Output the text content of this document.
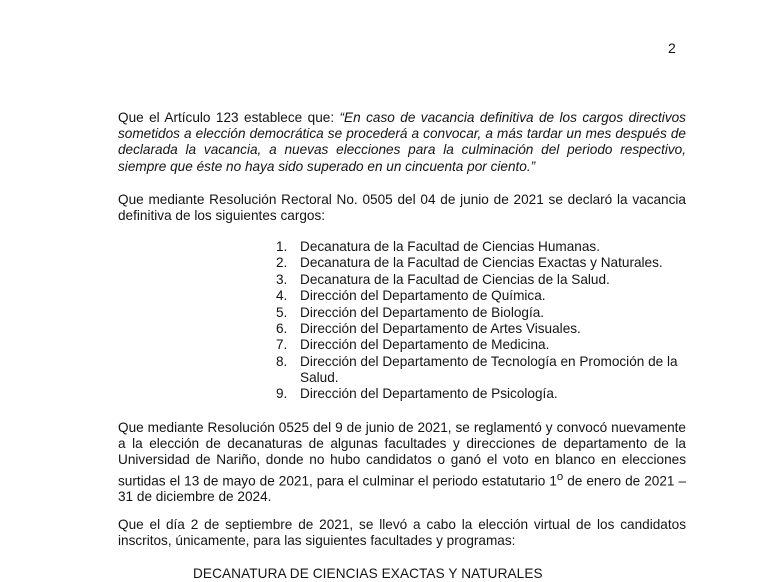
2

Que el Artículo 123 establece que: “En caso de vacancia definitiva de los cargos directivos sometidos a elección democrática se procederá a convocar, a más tardar un mes después de declarada la vacancia, a nuevas elecciones para la culminación del periodo respectivo, siempre que éste no haya sido superado en un cincuenta por ciento.”

Que mediante Resolución Rectoral No. 0505 del 04 de junio de 2021 se declaró la vacancia definitiva de los siguientes cargos:

1. Decanatura de la Facultad de Ciencias Humanas.
2. Decanatura de la Facultad de Ciencias Exactas y Naturales.
3. Decanatura de la Facultad de Ciencias de la Salud.
4. Dirección del Departamento de Química.
5. Dirección del Departamento de Biología.
6. Dirección del Departamento de Artes Visuales.
7. Dirección del Departamento de Medicina.
8. Dirección del Departamento de Tecnología en Promoción de la Salud.
9. Dirección del Departamento de Psicología.

Que mediante Resolución 0525 del 9 de junio de 2021, se reglamentó y convocó nuevamente a la elección de decanaturas de algunas facultades y direcciones de departamento de la Universidad de Nariño, donde no hubo candidatos o ganó el voto en blanco en elecciones surtidas el 13 de mayo de 2021, para el culminar el periodo estatutario 1$^o$ de enero de 2021 – 31 de diciembre de 2024.

Que el día 2 de septiembre de 2021, se llevó a cabo la elección virtual de los candidatos inscritos, únicamente, para las siguientes facultades y programas:

DECANATURA DE CIENCIAS EXACTAS Y NATURALES
